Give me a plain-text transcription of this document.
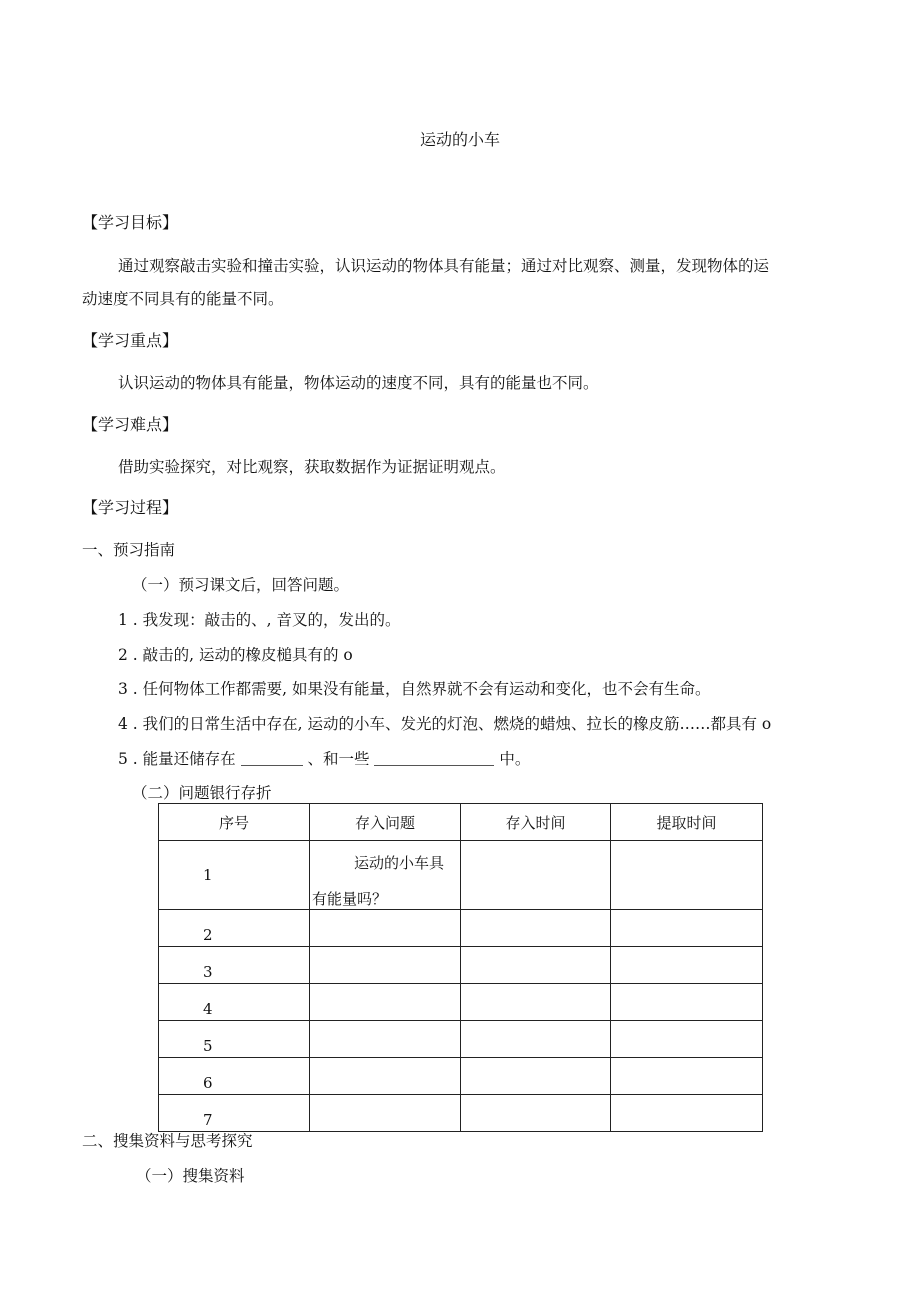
运动的小车
【学习目标】
通过观察敲击实验和撞击实验，认识运动的物体具有能量；通过对比观察、测量，发现物体的运
动速度不同具有的能量不同。
【学习重点】
认识运动的物体具有能量，物体运动的速度不同，具有的能量也不同。
【学习难点】
借助实验探究，对比观察，获取数据作为证据证明观点。
【学习过程】
一、预习指南
（一）预习课文后，回答问题。
1 . 我发现：敲击的、, 音叉的，发出的。
2 . 敲击的, 运动的橡皮槌具有的 o
3 . 任何物体工作都需要, 如果没有能量，自然界就不会有运动和变化，也不会有生命。
4 . 我们的日常生活中存在, 运动的小车、发光的灯泡、燃烧的蜡烛、拉长的橡皮筋……都具有 o
5 . 能量还储存在	、和一些	中。
（二）问题银行存折
序号	存入问题	存入时间	提取时间
1	运动的小车具
有能量吗？		

2			
3			
4			
5			
6			
7			
二、搜集资料与思考探究
（一）搜集资料
